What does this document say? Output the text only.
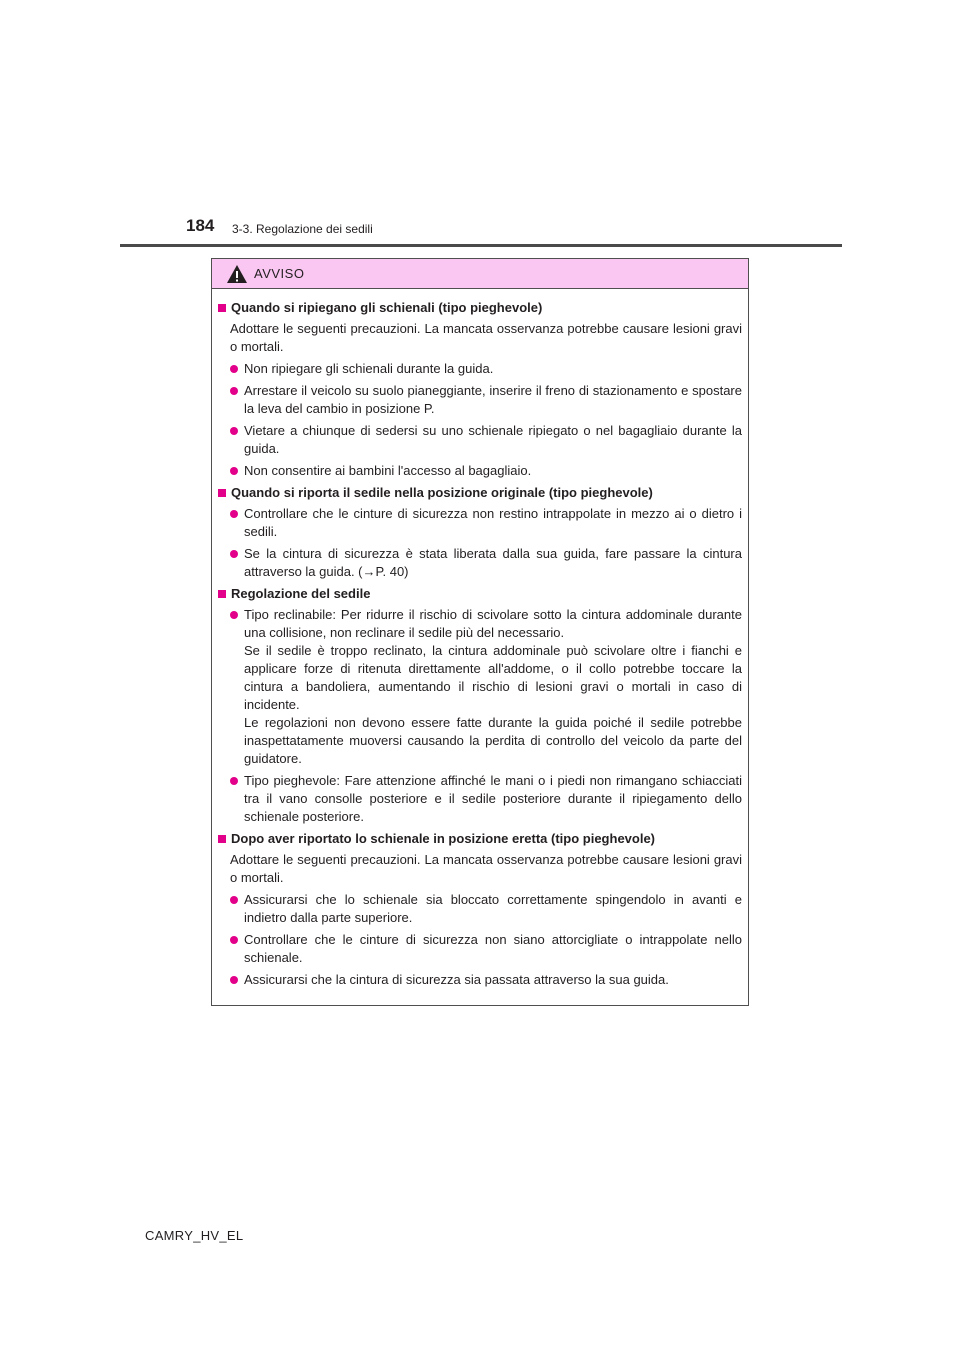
184 3-3. Regolazione dei sedili
AVVISO
Quando si ripiegano gli schienali (tipo pieghevole)
Adottare le seguenti precauzioni. La mancata osservanza potrebbe causare lesioni gravi o mortali.

Non ripiegare gli schienali durante la guida.

Arrestare il veicolo su suolo pianeggiante, inserire il freno di stazionamento e spostare la leva del cambio in posizione P.

Vietare a chiunque di sedersi su uno schienale ripiegato o nel bagagliaio durante la guida.

Non consentire ai bambini l'accesso al bagagliaio.

Quando si riporta il sedile nella posizione originale (tipo pieghevole)

Controllare che le cinture di sicurezza non restino intrappolate in mezzo ai o dietro i sedili.

Se la cintura di sicurezza è stata liberata dalla sua guida, fare passare la cintura attraverso la guida. (→P. 40)

Regolazione del sedile

Tipo reclinabile: Per ridurre il rischio di scivolare sotto la cintura addominale durante una collisione, non reclinare il sedile più del necessario.

Se il sedile è troppo reclinato, la cintura addominale può scivolare oltre i fianchi e applicare forze di ritenuta direttamente all'addome, o il collo potrebbe toccare la cintura a bandoliera, aumentando il rischio di lesioni gravi o mortali in caso di incidente.

Le regolazioni non devono essere fatte durante la guida poiché il sedile potrebbe inaspettatamente muoversi causando la perdita di controllo del veicolo da parte del guidatore.

Tipo pieghevole: Fare attenzione affinché le mani o i piedi non rimangano schiacciati tra il vano consolle posteriore e il sedile posteriore durante il ripiegamento dello schienale posteriore.

Dopo aver riportato lo schienale in posizione eretta (tipo pieghevole)
Adottare le seguenti precauzioni. La mancata osservanza potrebbe causare lesioni gravi o mortali.

Assicurarsi che lo schienale sia bloccato correttamente spingendolo in avanti e indietro dalla parte superiore.

Controllare che le cinture di sicurezza non siano attorcigliate o intrappolate nello schienale.

Assicurarsi che la cintura di sicurezza sia passata attraverso la sua guida.

CAMRY_HV_EL
